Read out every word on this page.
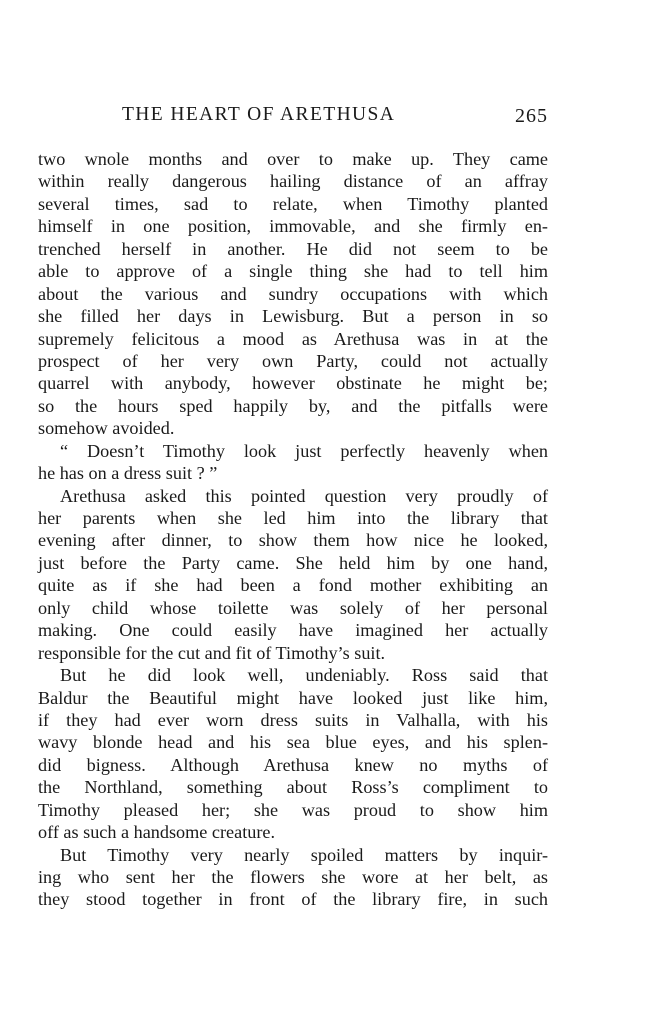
THE HEART OF ARETHUSA	265
two wnole months and over to make up. They came
within really dangerous hailing distance of an affray
several times, sad to relate, when Timothy planted
himself in one position, immovable, and she firmly en-
trenched herself in another. He did not seem to be
able to approve of a single thing she had to tell him
about the various and sundry occupations with which
she filled her days in Lewisburg. But a person in so
supremely felicitous a mood as Arethusa was in at the
prospect of her very own Party, could not actually
quarrel with anybody, however obstinate he might be;
so the hours sped happily by, and the pitfalls were
somehow avoided.
“ Doesn’t Timothy look just perfectly heavenly when
he has on a dress suit ? ”
Arethusa asked this pointed question very proudly of
her parents when she led him into the library that
evening after dinner, to show them how nice he looked,
just before the Party came. She held him by one hand,
quite as if she had been a fond mother exhibiting an
only child whose toilette was solely of her personal
making. One could easily have imagined her actually
responsible for the cut and fit of Timothy’s suit.
But he did look well, undeniably. Ross said that
Baldur the Beautiful might have looked just like him,
if they had ever worn dress suits in Valhalla, with his
wavy blonde head and his sea blue eyes, and his splen-
did bigness. Although Arethusa knew no myths of
the Northland, something about Ross’s compliment to
Timothy pleased her; she was proud to show him
off as such a handsome creature.
But Timothy very nearly spoiled matters by inquir-
ing who sent her the flowers she wore at her belt, as
they stood together in front of the library fire, in such
